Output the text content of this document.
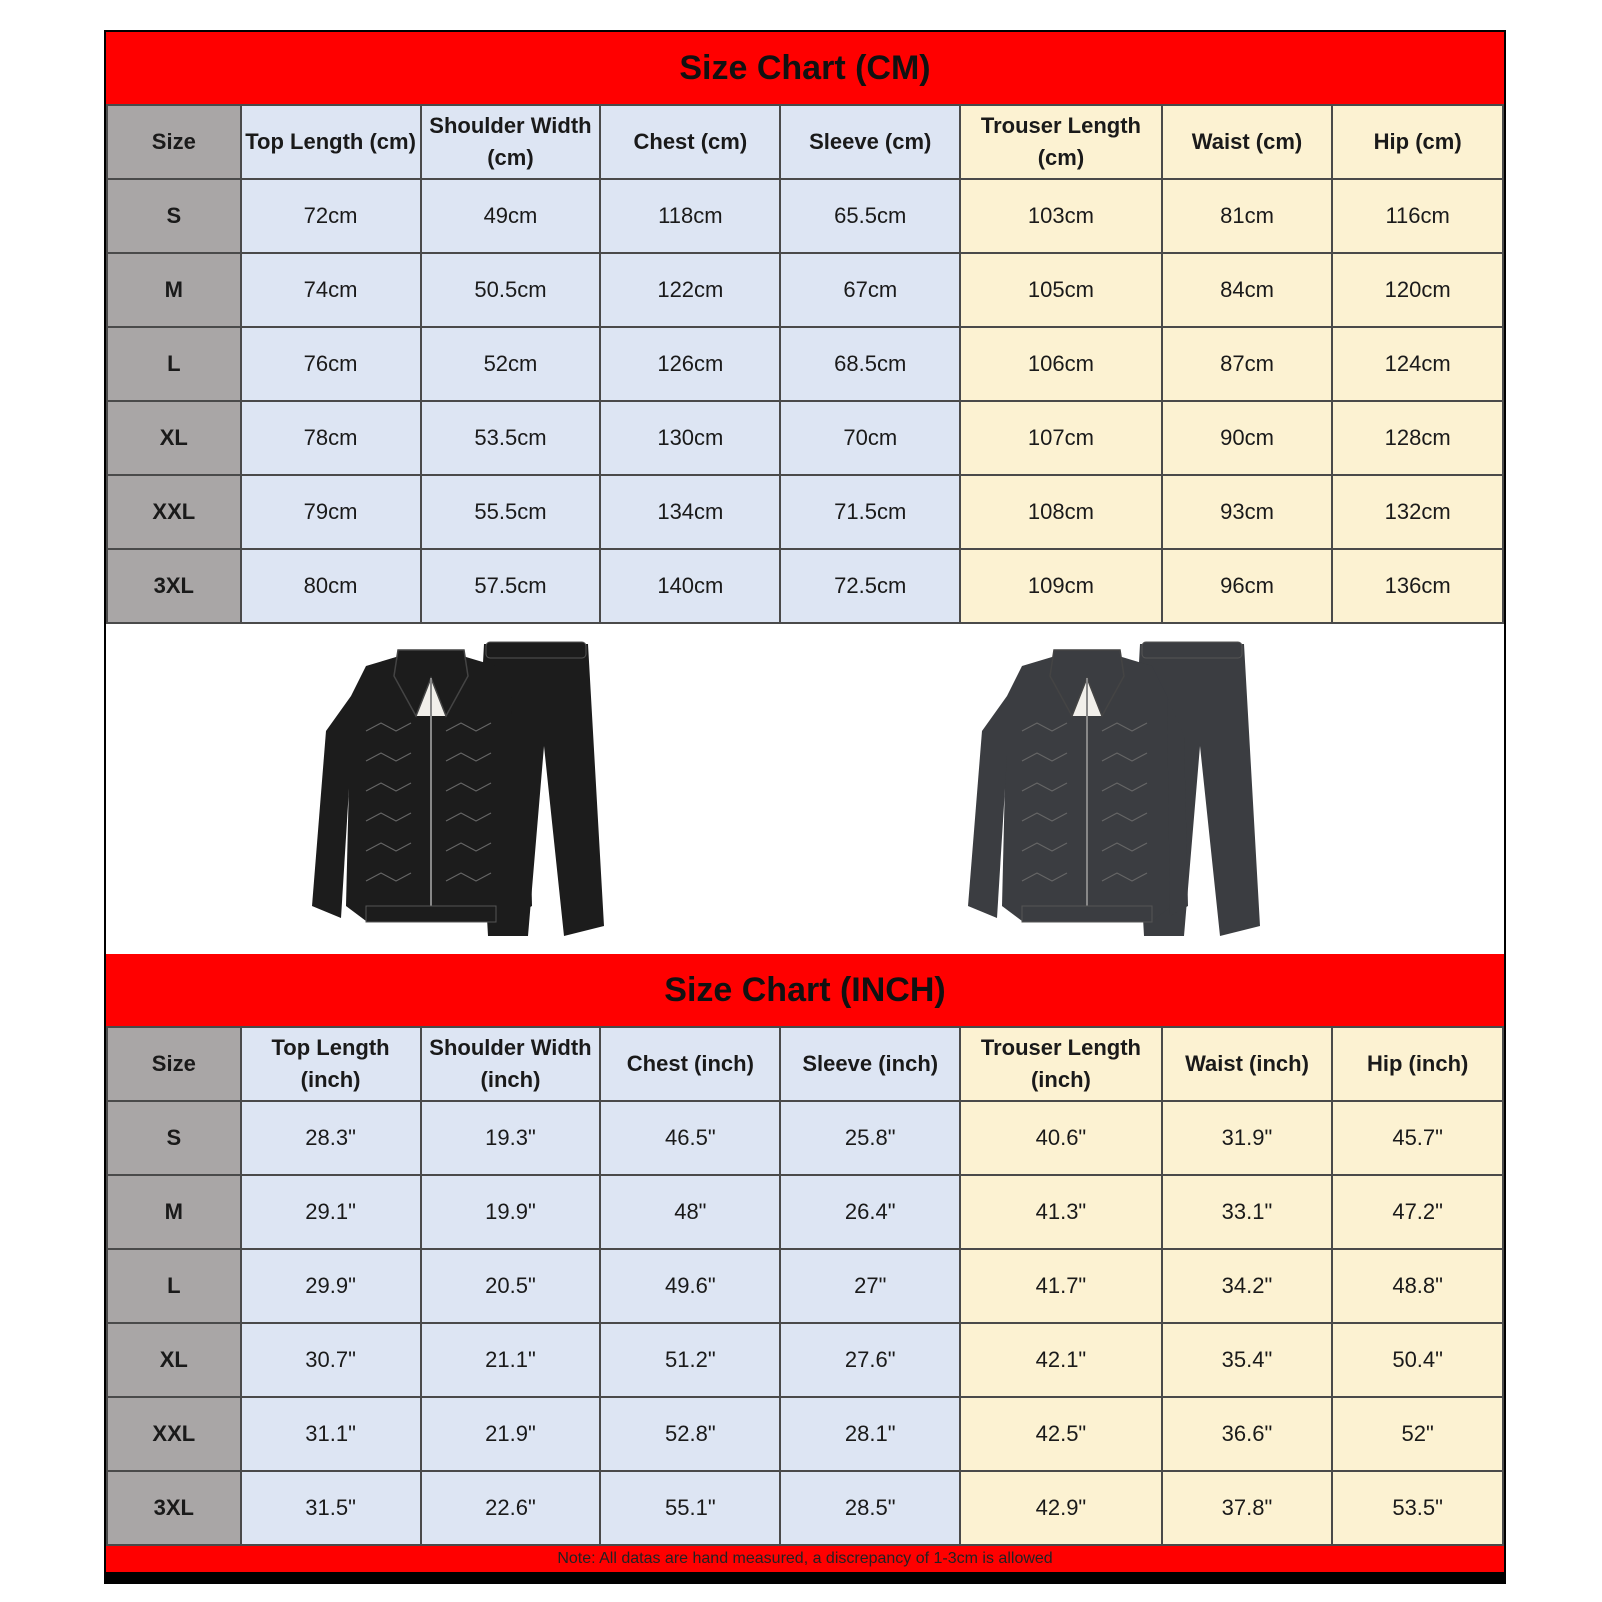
Size Chart (CM)
Size	Top Length (cm)	Shoulder Width (cm)	Chest (cm)	Sleeve (cm)	Trouser Length (cm)	Waist (cm)	Hip (cm)
S	72cm	49cm	118cm	65.5cm	103cm	81cm	116cm
M	74cm	50.5cm	122cm	67cm	105cm	84cm	120cm
L	76cm	52cm	126cm	68.5cm	106cm	87cm	124cm
XL	78cm	53.5cm	130cm	70cm	107cm	90cm	128cm
XXL	79cm	55.5cm	134cm	71.5cm	108cm	93cm	132cm
3XL	80cm	57.5cm	140cm	72.5cm	109cm	96cm	136cm
Size Chart (INCH)
Size	Top Length (inch)	Shoulder Width (inch)	Chest (inch)	Sleeve (inch)	Trouser Length (inch)	Waist (inch)	Hip (inch)
S	28.3"	19.3"	46.5"	25.8"	40.6"	31.9"	45.7"
M	29.1"	19.9"	48"	26.4"	41.3"	33.1"	47.2"
L	29.9"	20.5"	49.6"	27"	41.7"	34.2"	48.8"
XL	30.7"	21.1"	51.2"	27.6"	42.1"	35.4"	50.4"
XXL	31.1"	21.9"	52.8"	28.1"	42.5"	36.6"	52"
3XL	31.5"	22.6"	55.1"	28.5"	42.9"	37.8"	53.5"
Note: All datas are hand measured, a discrepancy of 1-3cm is allowed
